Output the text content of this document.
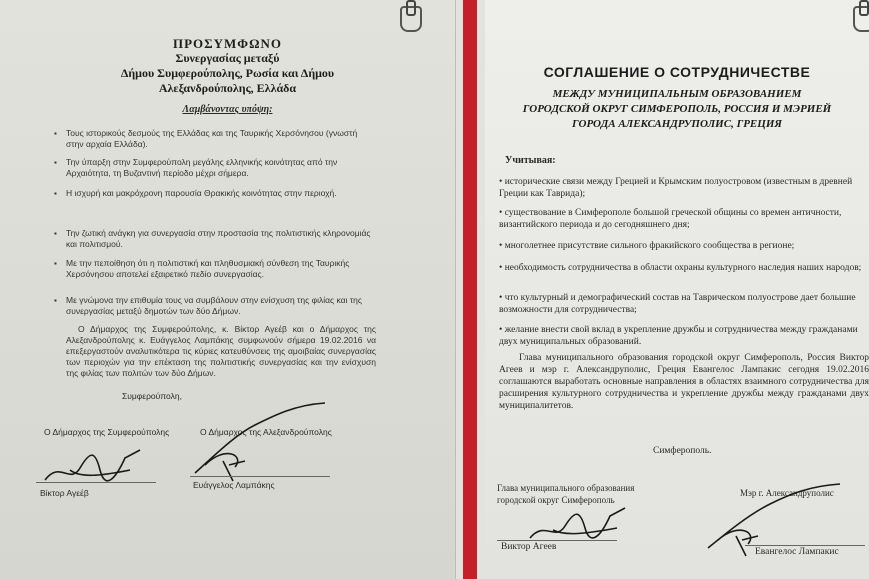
ΠΡΟΣΥΜΦΩΝΟ
Συνεργασίας μεταξύ
Δήμου Συμφερούπολης, Ρωσία και Δήμου
Αλεξανδρούπολης, Ελλάδα
Λαμβάνοντας υπόψη:
▪ Τους ιστορικούς δεσμούς της Ελλάδας και της Ταυρικής Χερσόνησου (γνωστή στην αρχαία Ελλάδα).
▪ Την ύπαρξη στην Συμφερούπολη μεγάλης ελληνικής κοινότητας από την Αρχαιότητα, τη Βυζαντινή περίοδο μέχρι σήμερα.
▪ Η ισχυρή και μακρόχρονη παρουσία Θρακικής κοινότητας στην περιοχή.
▪ Την ζωτική ανάγκη για συνεργασία στην προστασία της πολιτιστικής κληρονομιάς και πολιτισμού.
▪ Με την πεποίθηση ότι η πολιτιστική και πληθυσμιακή σύνθεση της Ταυρικής Χερσόνησου αποτελεί εξαιρετικό πεδίο συνεργασίας.
▪ Με γνώμονα την επιθυμία τους να συμβάλουν στην ενίσχυση της φιλίας και της συνεργασίας μεταξύ δημοτών των δύο Δήμων.
Ο Δήμαρχος της Συμφερούπολης, κ. Βίκτορ Αγεέβ και ο Δήμαρχος της Αλεξανδρούπολης κ. Ευάγγελος Λαμπάκης συμφωνούν σήμερα 19.02.2016 να επεξεργαστούν αναλυτικότερα τις κύριες κατευθύνσεις της αμοιβαίας συνεργασίας των περιοχών για την επέκταση της πολιτιστικής συνεργασίας και την ενίσχυση της φιλίας των πολιτών των δύο Δήμων.
Συμφερούπολη,
Ο Δήμαρχος της Συμφερούπολης	Ο Δήμαρχος της Αλεξανδρούπολης
Βίκτορ Αγεέβ
Ευάγγελος Λαμπάκης
СОГЛАШЕНИЕ О СОТРУДНИЧЕСТВЕ
МЕЖДУ МУНИЦИПАЛЬНЫМ ОБРАЗОВАНИЕМ
ГОРОДСКОЙ ОКРУГ СИМФЕРОПОЛЬ, РОССИЯ И МЭРИЕЙ
ГОРОДА АЛЕКСАНДРУПОЛИС, ГРЕЦИЯ
Учитывая:
• исторические связи между Грецией и Крымским полуостровом (известным в древней Греции как Таврида);
• существование в Симферополе большой греческой общины со времен античности, византийского периода и до сегодняшнего дня;
• многолетнее присутствие сильного фракийского сообщества в регионе;
• необходимость сотрудничества в области охраны культурного наследия наших народов;
• что культурный и демографический состав на Таврическом полуострове дает большие возможности для сотрудничества;
• желание внести свой вклад в укрепление дружбы и сотрудничества между гражданами двух муниципальных образований.
Глава муниципального образования городской округ Симферополь, Россия Виктор Агеев и мэр г. Александруполис, Греция Евангелос Лампакис сегодня 19.02.2016 соглашаются выработать основные направления в областях взаимного сотрудничества для расширения культурного сотрудничества и укрепление дружбы между гражданами двух муниципалитетов.
Симферополь.
Глава муниципального образования
городской округ Симферополь
Виктор Агеев
Мэр г. Александруполис
Евангелос Лампакис
